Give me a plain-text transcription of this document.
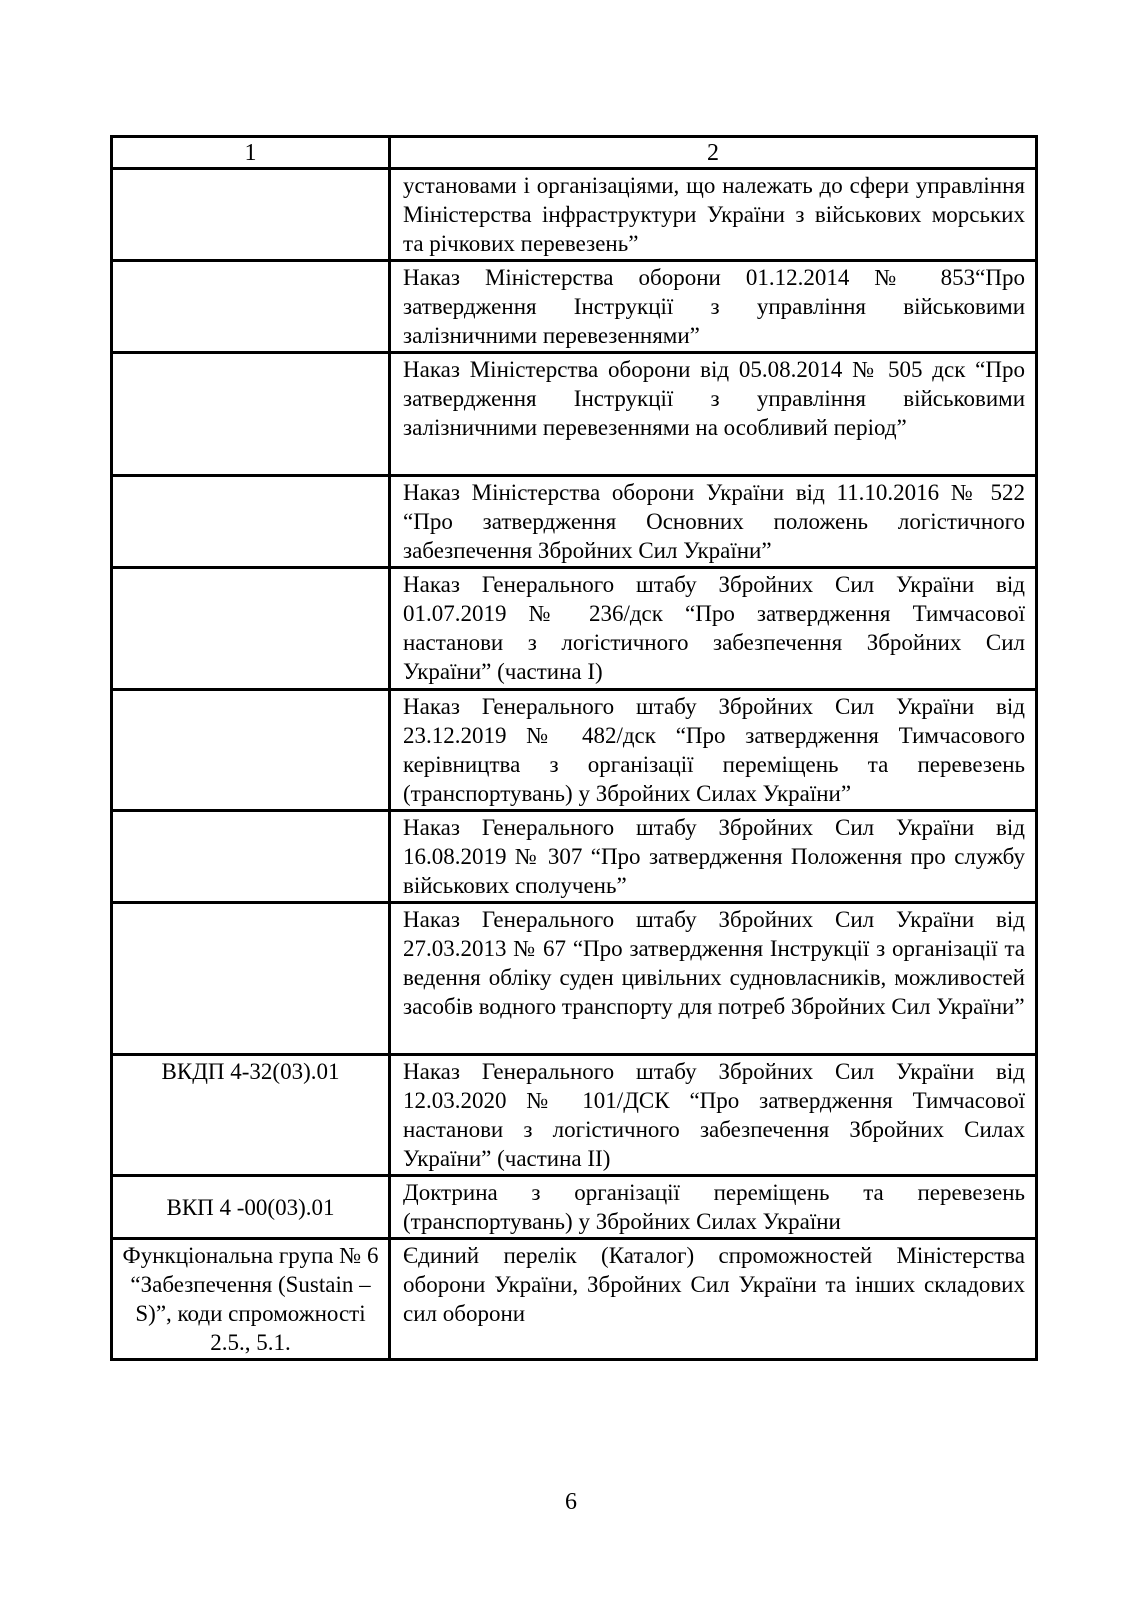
1	2
	установами і організаціями, що належать до сфери управління Міністерства інфраструктури України з військових морських та річкових перевезень”
	Наказ Міністерства оборони 01.12.2014 № 853“Про затвердження Інструкції з управління військовими залізничними перевезеннями”
	Наказ Міністерства оборони від 05.08.2014 № 505 дск “Про затвердження Інструкції з управління військовими залізничними перевезеннями на особливий період”
	Наказ Міністерства оборони України від 11.10.2016 № 522 “Про затвердження Основних положень логістичного забезпечення Збройних Сил України”
	Наказ Генерального штабу Збройних Сил України від 01.07.2019 № 236/дск “Про затвердження Тимчасової настанови з логістичного забезпечення Збройних Сил України” (частина I)
	Наказ Генерального штабу Збройних Сил України від 23.12.2019 № 482/дск “Про затвердження Тимчасового керівництва з організації переміщень та перевезень (транспортувань) у Збройних Силах України”
	Наказ Генерального штабу Збройних Сил України від 16.08.2019 № 307 “Про затвердження Положення про службу військових сполучень”
	Наказ Генерального штабу Збройних Сил України від 27.03.2013 № 67 “Про затвердження Інструкції з організації та ведення обліку суден цивільних судновласників, можливостей засобів водного транспорту для потреб Збройних Сил України”
ВКДП 4-32(03).01	Наказ Генерального штабу Збройних Сил України від 12.03.2020 № 101/ДСК “Про затвердження Тимчасової настанови з логістичного забезпечення Збройних Силах України” (частина II)
ВКП 4 -00(03).01	Доктрина з організації переміщень та перевезень (транспортувань) у Збройних Силах України
Функціональна група № 6 “Забезпечення (Sustain – S)”, коди спроможності 2.5., 5.1.	Єдиний перелік (Каталог) спроможностей Міністерства оборони України, Збройних Сил України та інших складових сил оборони
6
